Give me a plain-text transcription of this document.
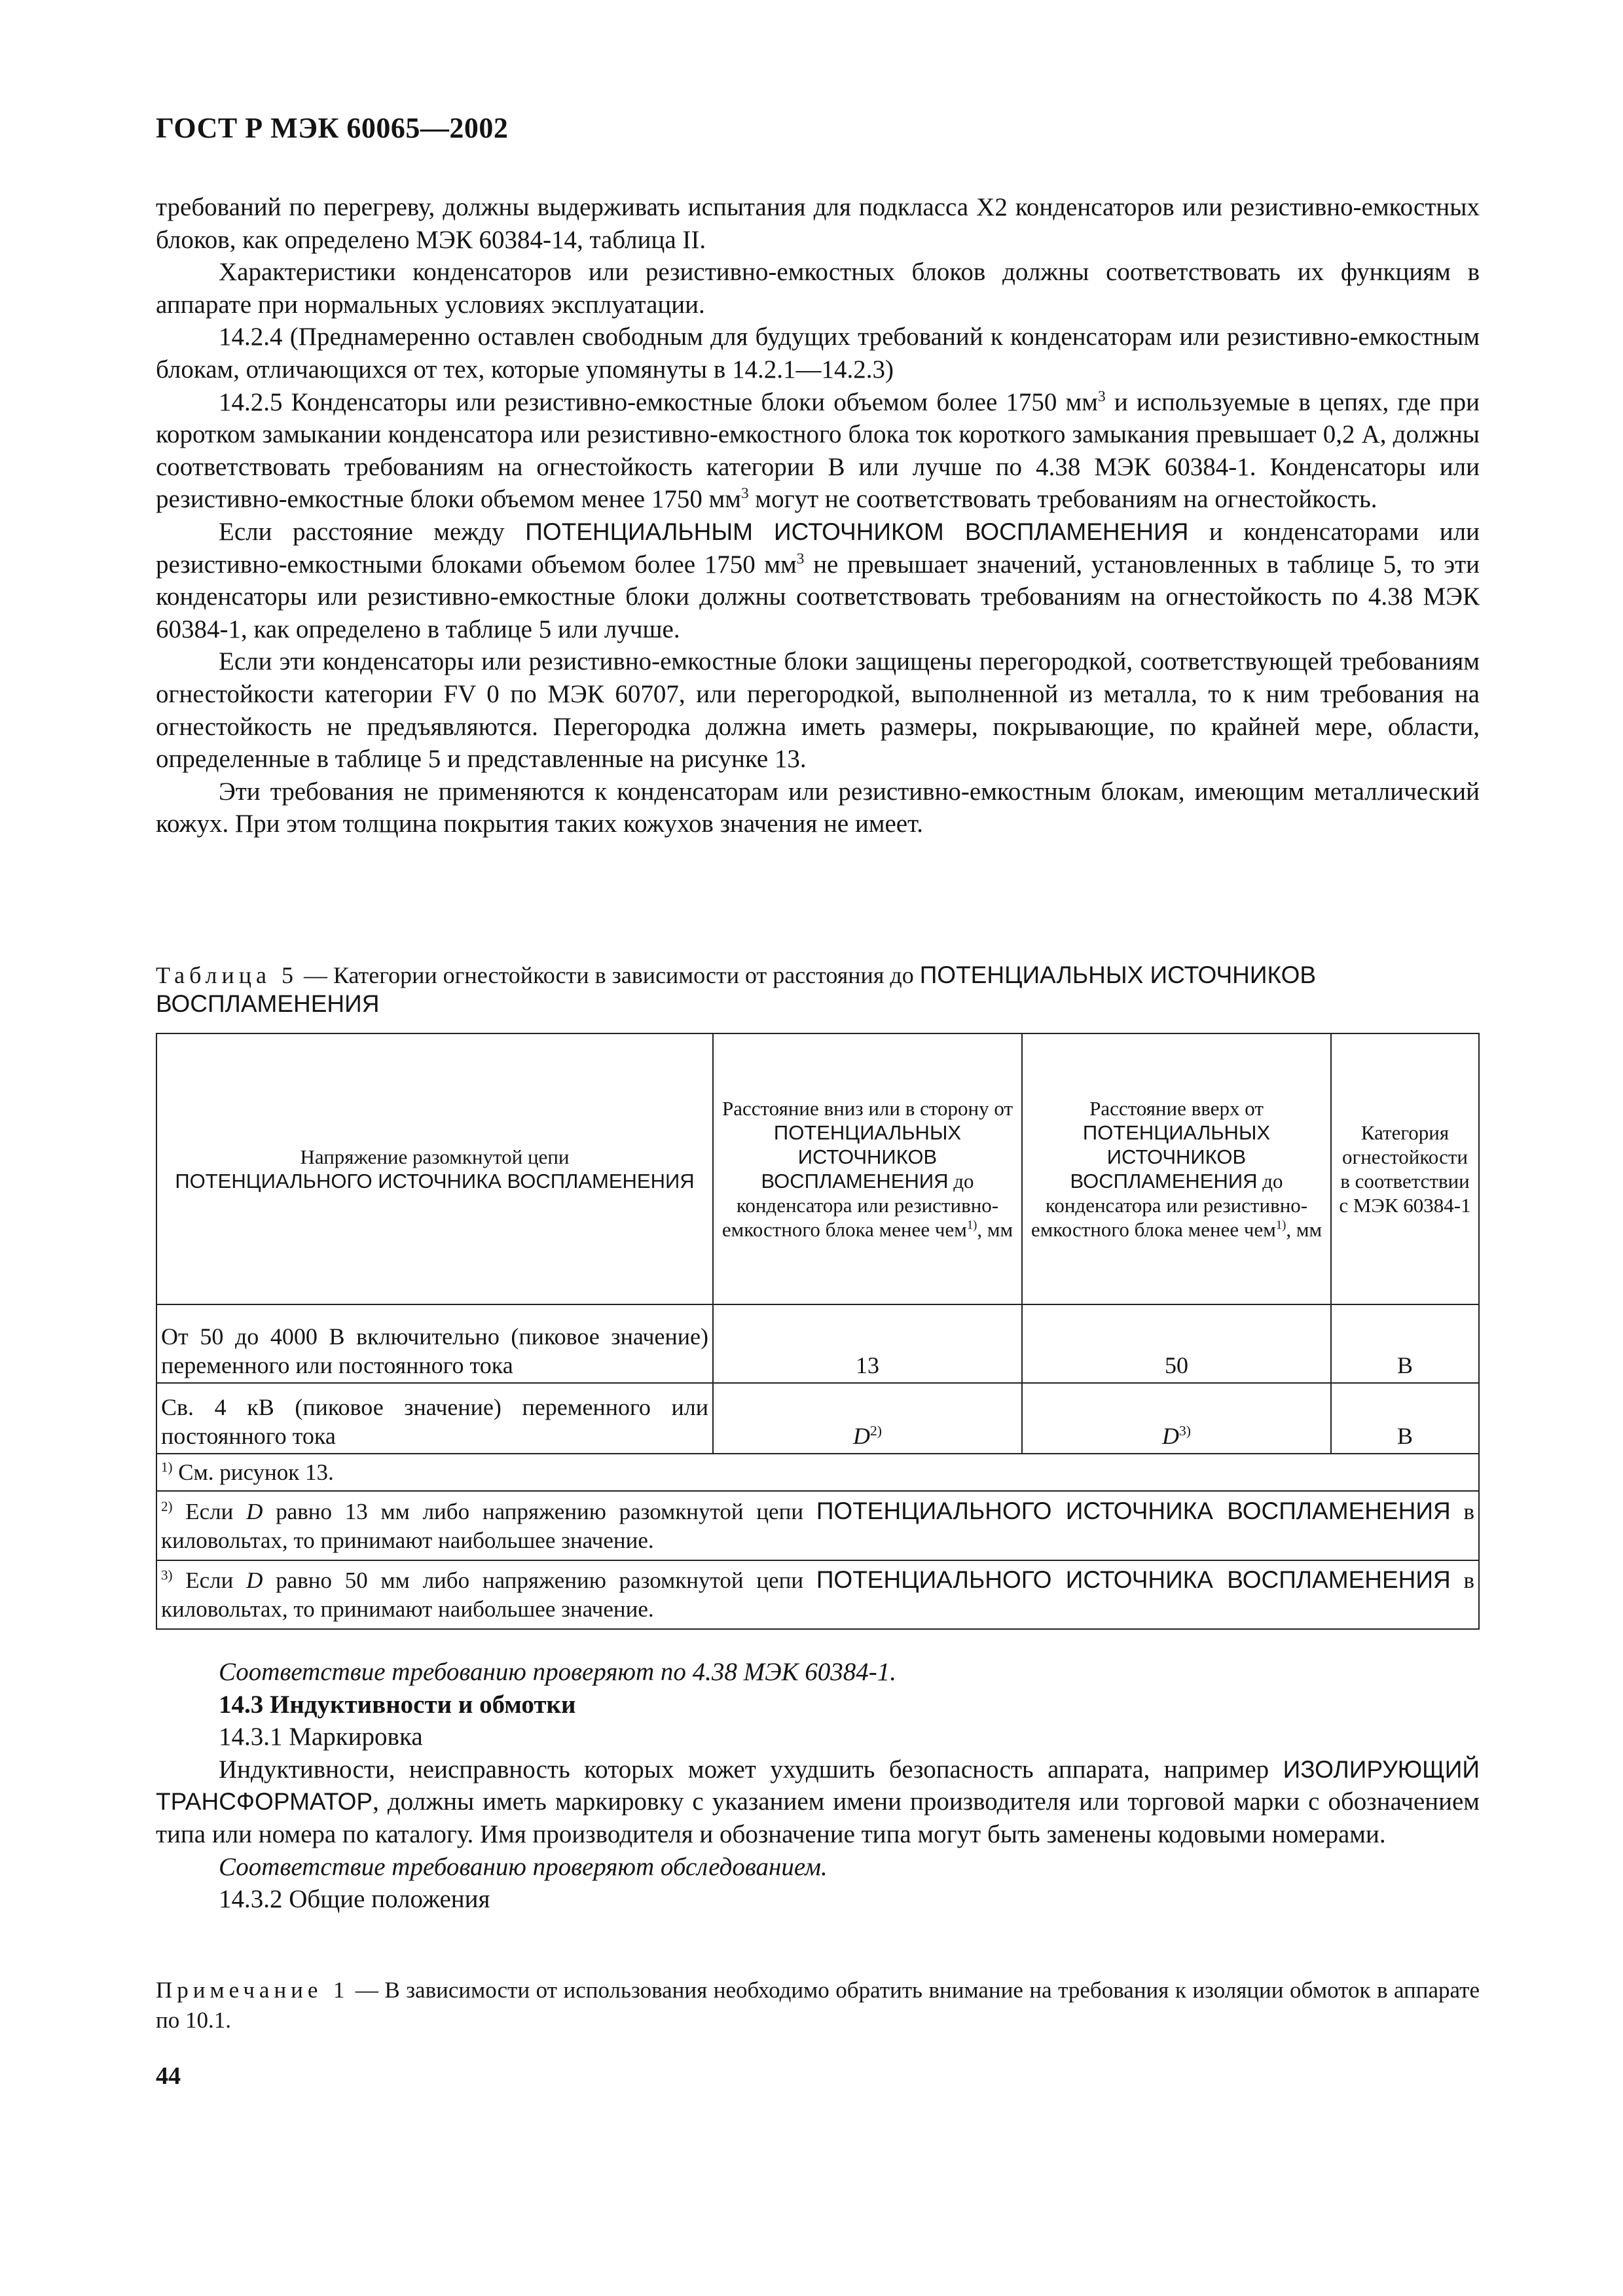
ГОСТ Р МЭК 60065—2002

требований по перегреву, должны выдерживать испытания для подкласса X2 конденсаторов или резистивно-емкостных блоков, как определено МЭК 60384-14, таблица II.

Характеристики конденсаторов или резистивно-емкостных блоков должны соответствовать их функциям в аппарате при нормальных условиях эксплуатации.

14.2.4 (Преднамеренно оставлен свободным для будущих требований к конденсаторам или резистивно-емкостным блокам, отличающихся от тех, которые упомянуты в 14.2.1—14.2.3)

14.2.5 Конденсаторы или резистивно-емкостные блоки объемом более 1750 $мм^3$ и используемые в цепях, где при коротком замыкании конденсатора или резистивно-емкостного блока ток короткого замыкания превышает 0,2 А, должны соответствовать требованиям на огнестойкость категории В или лучше по 4.38 МЭК 60384-1. Конденсаторы или резистивно-емкостные блоки объемом менее 1750 $мм^3$ могут не соответствовать требованиям на огнестойкость.

Если расстояние между ПОТЕНЦИАЛЬНЫМ ИСТОЧНИКОМ ВОСПЛАМЕНЕНИЯ и конденсаторами или резистивно-емкостными блоками объемом более 1750 $мм^3$ не превышает значений, установленных в таблице 5, то эти конденсаторы или резистивно-емкостные блоки должны соответствовать требованиям на огнестойкость по 4.38 МЭК 60384-1, как определено в таблице 5 или лучше.

Если эти конденсаторы или резистивно-емкостные блоки защищены перегородкой, соответствующей требованиям огнестойкости категории FV 0 по МЭК 60707, или перегородкой, выполненной из металла, то к ним требования на огнестойкость не предъявляются. Перегородка должна иметь размеры, покрывающие, по крайней мере, области, определенные в таблице 5 и представленные на рисунке 13.

Эти требования не применяются к конденсаторам или резистивно-емкостным блокам, имеющим металлический кожух. При этом толщина покрытия таких кожухов значения не имеет.

Таблица 5 — Категории огнестойкости в зависимости от расстояния до ПОТЕНЦИАЛЬНЫХ ИСТОЧНИКОВ ВОСПЛАМЕНЕНИЯ
Напряжение разомкнутой цепи
ПОТЕНЦИАЛЬНОГО ИСТОЧНИКА ВОСПЛАМЕНЕНИЯ	Расстояние вниз или в сторону от
ПОТЕНЦИАЛЬНЫХ ИСТОЧНИКОВ ВОСПЛАМЕНЕНИЯ до конденсатора или резистивно-емкостного блока менее чем$^{1)}$, мм	Расстояние вверх от
ПОТЕНЦИАЛЬНЫХ ИСТОЧНИКОВ ВОСПЛАМЕНЕНИЯ до конденсатора или резистивно-емкостного блока менее чем$^{1)}$, мм	Категория огнестойкости в соответствии с МЭК 60384-1
От 50 до 4000 В включительно (пиковое значение) переменного или постоянного тока	13	50	B
Св. 4 кВ (пиковое значение) переменного или постоянного тока	$D^{2)}$	$D^{3)}$	B
$^{1)}$ См. рисунок 13.			
$^{2)}$ Если D равно 13 мм либо напряжению разомкнутой цепи ПОТЕНЦИАЛЬНОГО ИСТОЧНИКА ВОСПЛАМЕНЕНИЯ в киловольтах, то принимают наибольшее значение.			
$^{3)}$ Если D равно 50 мм либо напряжению разомкнутой цепи ПОТЕНЦИАЛЬНОГО ИСТОЧНИКА ВОСПЛАМЕНЕНИЯ в киловольтах, то принимают наибольшее значение.			

Соответствие требованию проверяют по 4.38 МЭК 60384-1.

14.3 Индуктивности и обмотки

14.3.1 Маркировка

Индуктивности, неисправность которых может ухудшить безопасность аппарата, например ИЗОЛИРУЮЩИЙ ТРАНСФОРМАТОР, должны иметь маркировку с указанием имени производителя или торговой марки с обозначением типа или номера по каталогу. Имя производителя и обозначение типа могут быть заменены кодовыми номерами.

Соответствие требованию проверяют обследованием.

14.3.2 Общие положения

Примечание 1 — В зависимости от использования необходимо обратить внимание на требования к изоляции обмоток в аппарате по 10.1.
44
